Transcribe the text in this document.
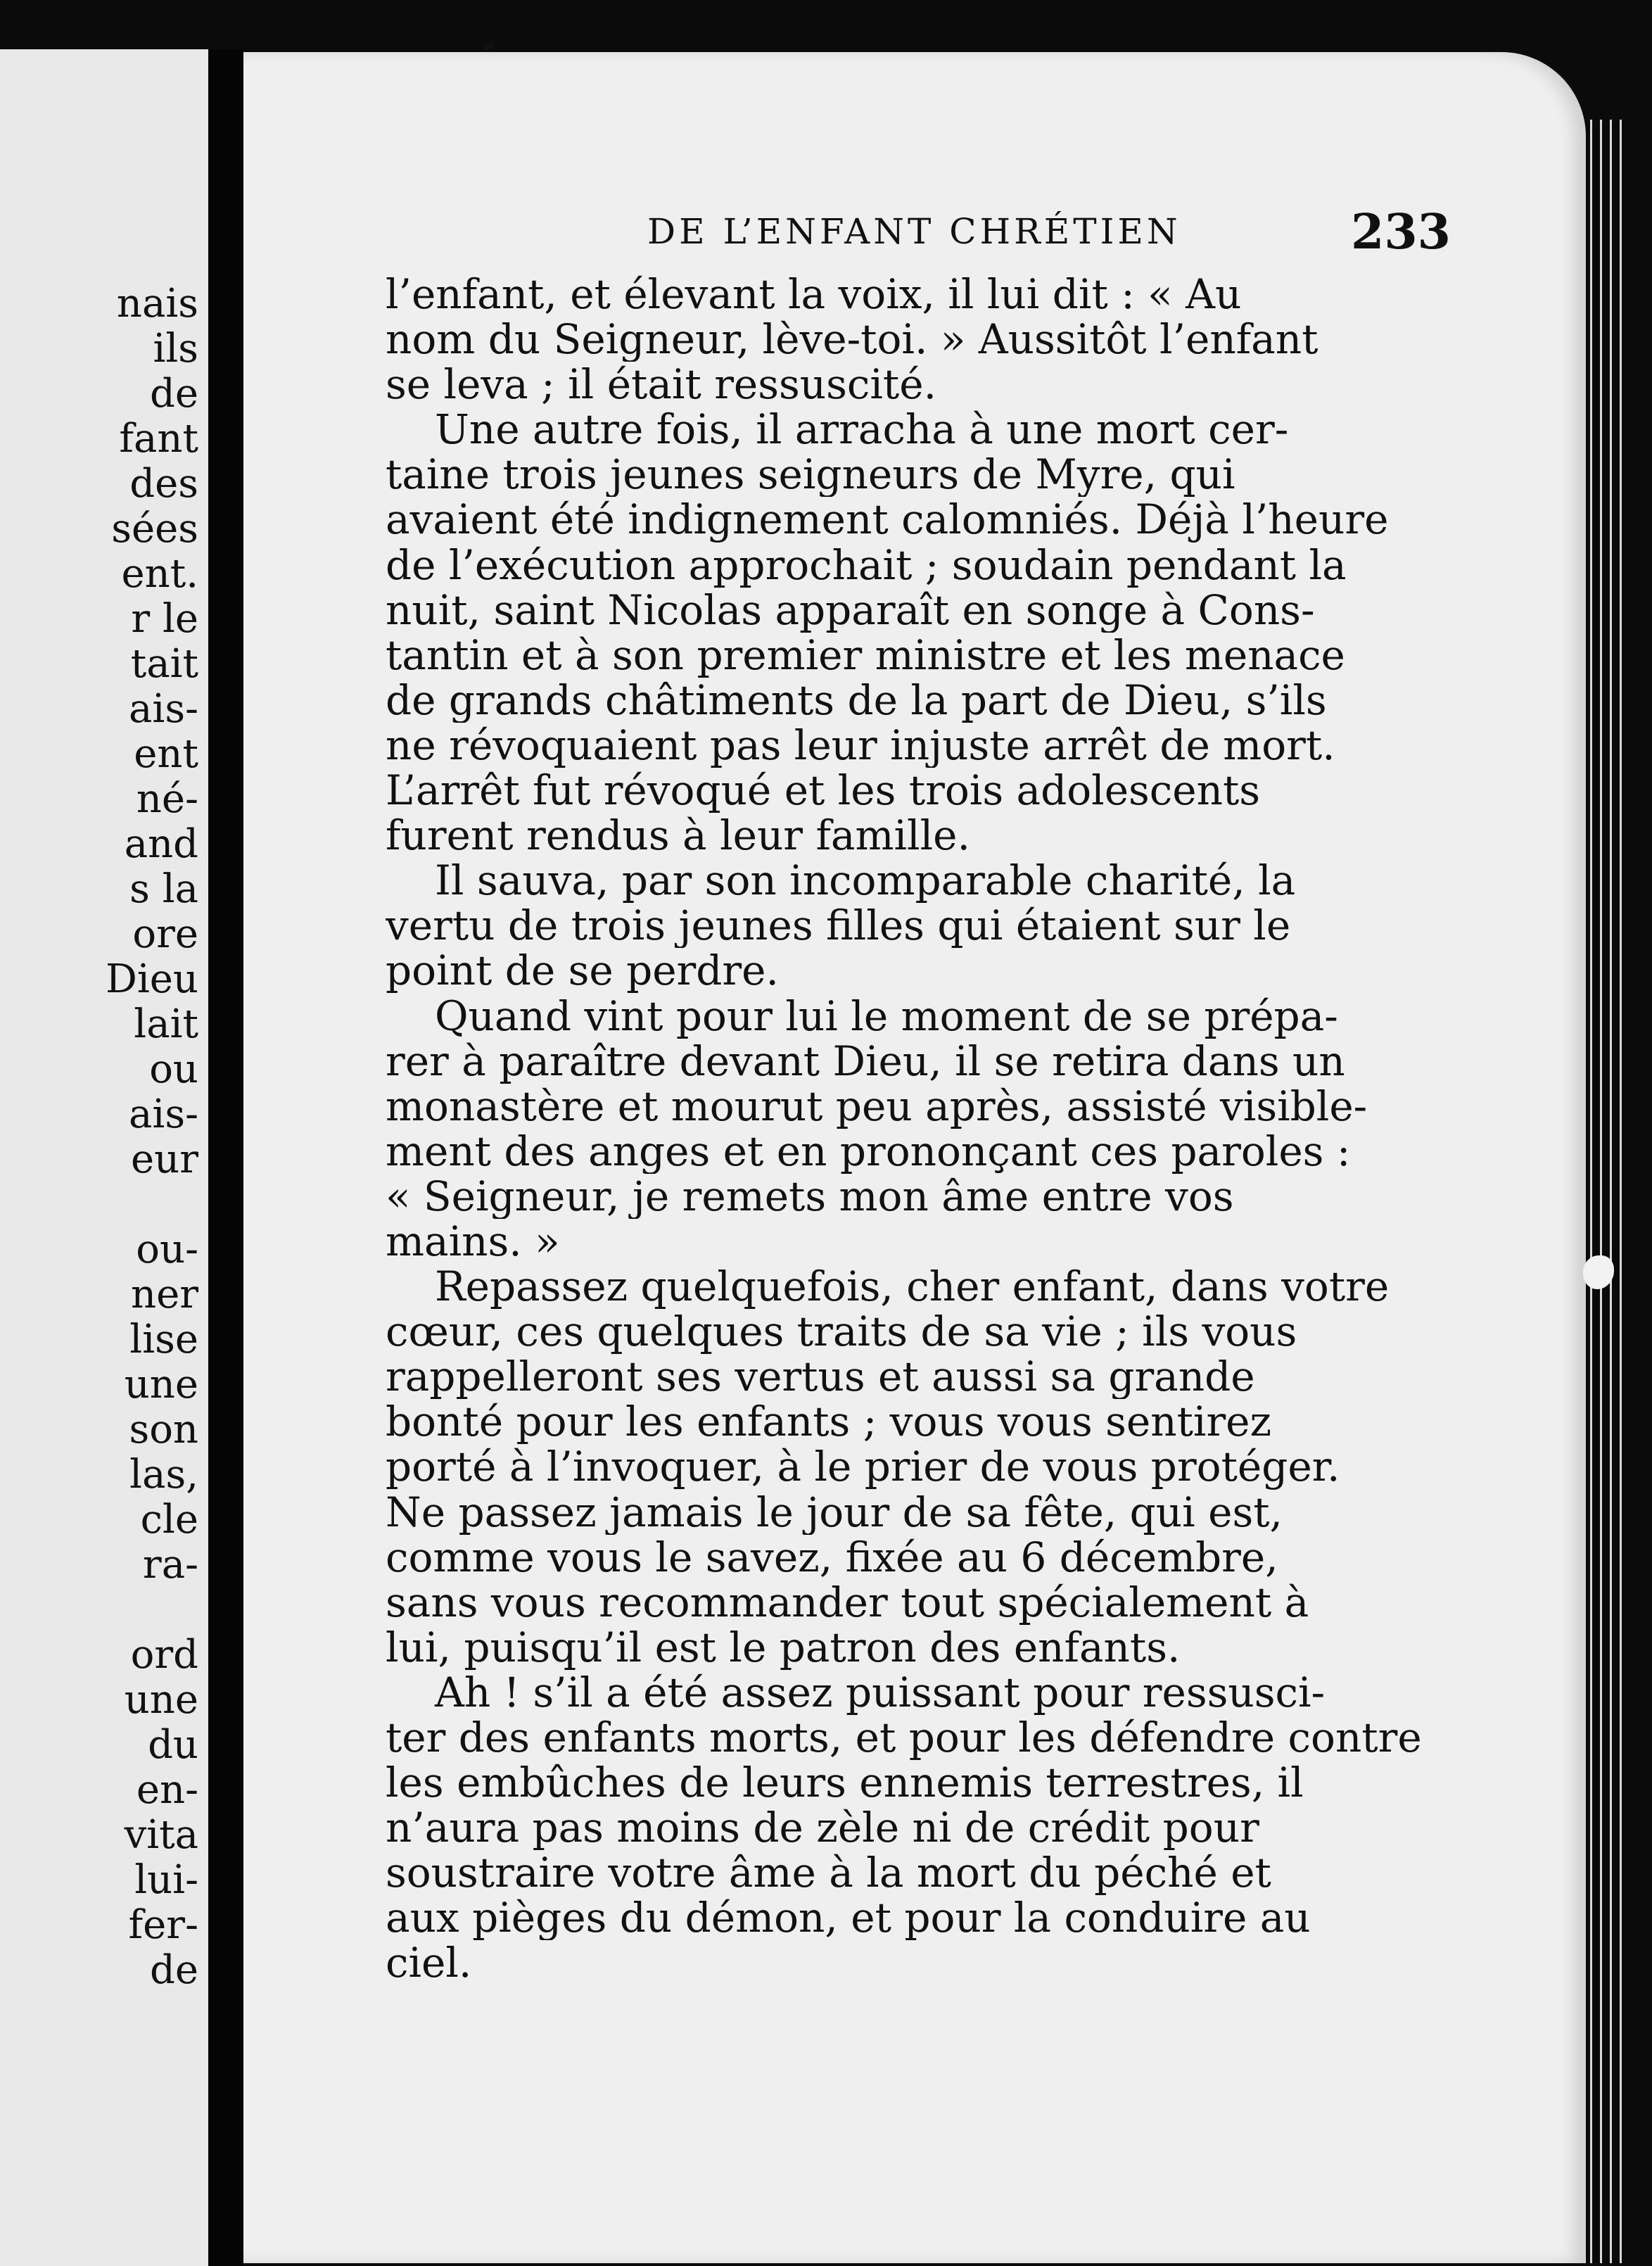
nais
ils
de
fant
des
sées
ent.
r le
tait
ais-
ent
né-
and
s la
ore
Dieu
lait
ou
ais-
eur

ou-
ner
lise
une
son
las,
cle
ra-

ord
une
du
en-
vita
lui-
fer-
de
DE L’ENFANT CHRÉTIEN	233
l’enfant, et élevant la voix, il lui dit : « Au
nom du Seigneur, lève-toi. » Aussitôt l’enfant
se leva ; il était ressuscité.
Une autre fois, il arracha à une mort cer-
taine trois jeunes seigneurs de Myre, qui
avaient été indignement calomniés. Déjà l’heure
de l’exécution approchait ; soudain pendant la
nuit, saint Nicolas apparaît en songe à Cons-
tantin et à son premier ministre et les menace
de grands châtiments de la part de Dieu, s’ils
ne révoquaient pas leur injuste arrêt de mort.
L’arrêt fut révoqué et les trois adolescents
furent rendus à leur famille.
Il sauva, par son incomparable charité, la
vertu de trois jeunes filles qui étaient sur le
point de se perdre.
Quand vint pour lui le moment de se prépa-
rer à paraître devant Dieu, il se retira dans un
monastère et mourut peu après, assisté visible-
ment des anges et en prononçant ces paroles :
« Seigneur, je remets mon âme entre vos
mains. »
Repassez quelquefois, cher enfant, dans votre
cœur, ces quelques traits de sa vie ; ils vous
rappelleront ses vertus et aussi sa grande
bonté pour les enfants ; vous vous sentirez
porté à l’invoquer, à le prier de vous protéger.
Ne passez jamais le jour de sa fête, qui est,
comme vous le savez, fixée au 6 décembre,
sans vous recommander tout spécialement à
lui, puisqu’il est le patron des enfants.
Ah ! s’il a été assez puissant pour ressusci-
ter des enfants morts, et pour les défendre contre
les embûches de leurs ennemis terrestres, il
n’aura pas moins de zèle ni de crédit pour
soustraire votre âme à la mort du péché et
aux pièges du démon, et pour la conduire au
ciel.
